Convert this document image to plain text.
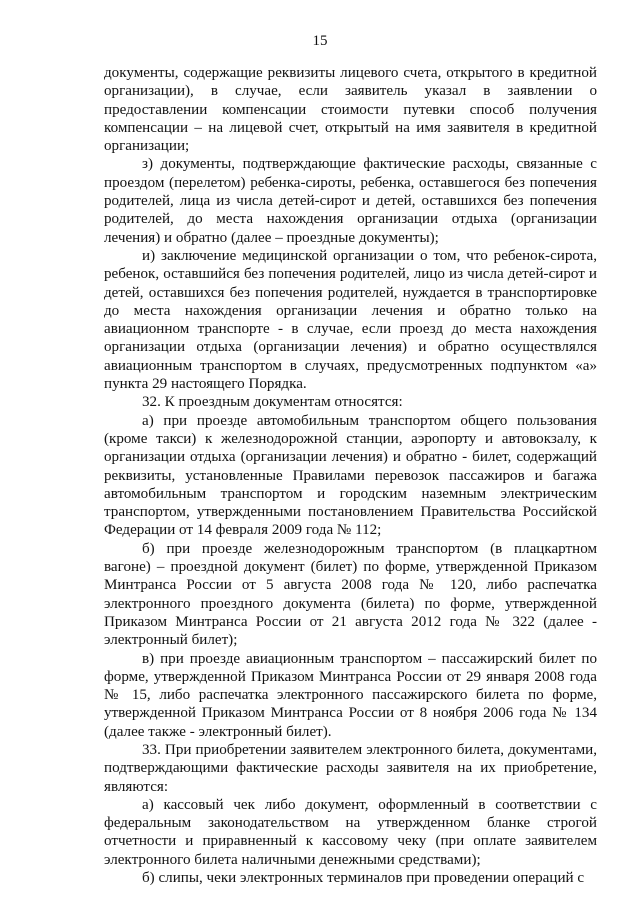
15

документы, содержащие реквизиты лицевого счета, открытого в кредитной организации), в случае, если заявитель указал в заявлении о предоставлении компенсации стоимости путевки способ получения компенсации – на лицевой счет, открытый на имя заявителя в кредитной организации;

з) документы, подтверждающие фактические расходы, связанные с проездом (перелетом) ребенка-сироты, ребенка, оставшегося без попечения родителей, лица из числа детей-сирот и детей, оставшихся без попечения родителей, до места нахождения организации отдыха (организации лечения) и обратно (далее – проездные документы);

и) заключение медицинской организации о том, что ребенок-сирота, ребенок, оставшийся без попечения родителей, лицо из числа детей-сирот и детей, оставшихся без попечения родителей, нуждается в транспортировке до места нахождения организации лечения и обратно только на авиационном транспорте - в случае, если проезд до места нахождения организации отдыха (организации лечения) и обратно осуществлялся авиационным транспортом в случаях, предусмотренных подпунктом «а» пункта 29 настоящего Порядка.

32. К проездным документам относятся:

а) при проезде автомобильным транспортом общего пользования (кроме такси) к железнодорожной станции, аэропорту и автовокзалу, к организации отдыха (организации лечения) и обратно - билет, содержащий реквизиты, установленные Правилами перевозок пассажиров и багажа автомобильным транспортом и городским наземным электрическим транспортом, утвержденными постановлением Правительства Российской Федерации от 14 февраля 2009 года № 112;

б) при проезде железнодорожным транспортом (в плацкартном вагоне) – проездной документ (билет) по форме, утвержденной Приказом Минтранса России от 5 августа 2008 года № 120, либо распечатка электронного проездного документа (билета) по форме, утвержденной Приказом Минтранса России от 21 августа 2012 года № 322 (далее - электронный билет);

в) при проезде авиационным транспортом – пассажирский билет по форме, утвержденной Приказом Минтранса России от 29 января 2008 года № 15, либо распечатка электронного пассажирского билета по форме, утвержденной Приказом Минтранса России от 8 ноября 2006 года № 134 (далее также - электронный билет).

33. При приобретении заявителем электронного билета, документами, подтверждающими фактические расходы заявителя на их приобретение, являются:

а) кассовый чек либо документ, оформленный в соответствии с федеральным законодательством на утвержденном бланке строгой отчетности и приравненный к кассовому чеку (при оплате заявителем электронного билета наличными денежными средствами);

б) слипы, чеки электронных терминалов при проведении операций с
